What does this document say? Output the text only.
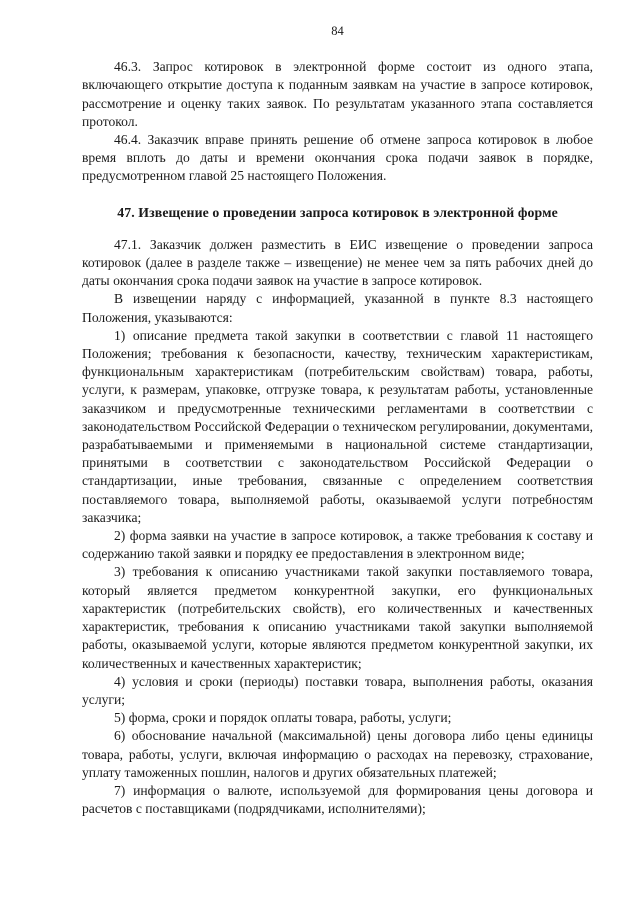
84

46.3. Запрос котировок в электронной форме состоит из одного этапа, включающего открытие доступа к поданным заявкам на участие в запросе котировок, рассмотрение и оценку таких заявок. По результатам указанного этапа составляется протокол.

46.4. Заказчик вправе принять решение об отмене запроса котировок в любое время вплоть до даты и времени окончания срока подачи заявок в порядке, предусмотренном главой 25 настоящего Положения.

47. Извещение о проведении запроса котировок в электронной форме

47.1. Заказчик должен разместить в ЕИС извещение о проведении запроса котировок (далее в разделе также – извещение) не менее чем за пять рабочих дней до даты окончания срока подачи заявок на участие в запросе котировок.

В извещении наряду с информацией, указанной в пункте 8.3 настоящего Положения, указываются:

1) описание предмета такой закупки в соответствии с главой 11 настоящего Положения; требования к безопасности, качеству, техническим характеристикам, функциональным характеристикам (потребительским свойствам) товара, работы, услуги, к размерам, упаковке, отгрузке товара, к результатам работы, установленные заказчиком и предусмотренные техническими регламентами в соответствии с законодательством Российской Федерации о техническом регулировании, документами, разрабатываемыми и применяемыми в национальной системе стандартизации, принятыми в соответствии с законодательством Российской Федерации о стандартизации, иные требования, связанные с определением соответствия поставляемого товара, выполняемой работы, оказываемой услуги потребностям заказчика;

2) форма заявки на участие в запросе котировок, а также требования к составу и содержанию такой заявки и порядку ее предоставления в электронном виде;

3) требования к описанию участниками такой закупки поставляемого товара, который является предметом конкурентной закупки, его функциональных характеристик (потребительских свойств), его количественных и качественных характеристик, требования к описанию участниками такой закупки выполняемой работы, оказываемой услуги, которые являются предметом конкурентной закупки, их количественных и качественных характеристик;

4) условия и сроки (периоды) поставки товара, выполнения работы, оказания услуги;

5) форма, сроки и порядок оплаты товара, работы, услуги;

6) обоснование начальной (максимальной) цены договора либо цены единицы товара, работы, услуги, включая информацию о расходах на перевозку, страхование, уплату таможенных пошлин, налогов и других обязательных платежей;

7) информация о валюте, используемой для формирования цены договора и расчетов с поставщиками (подрядчиками, исполнителями);
